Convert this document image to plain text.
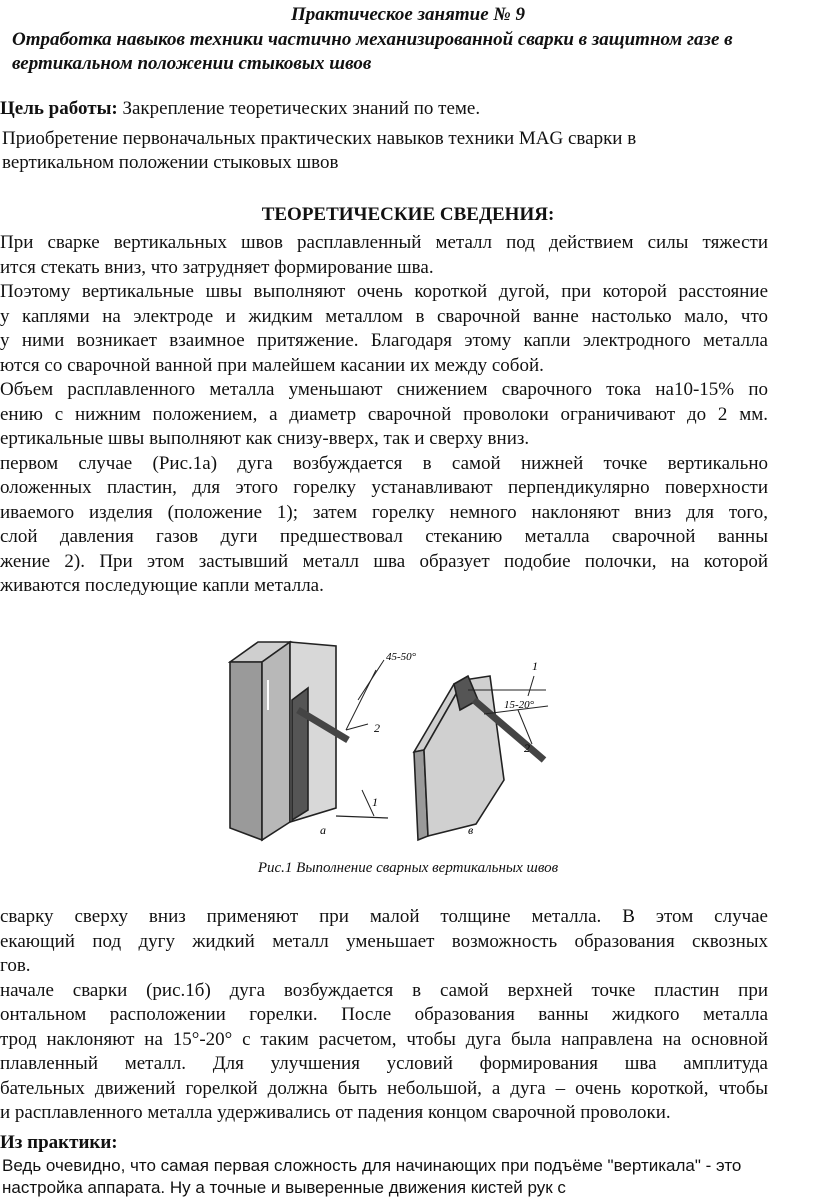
Практическое занятие № 9

Отработка навыков техники частично механизированной сварки в защитном газе в вертикальном положении стыковых швов

Цель работы: Закрепление теоретических знаний по теме.

Приобретение первоначальных практических навыков техники MAG сварки в

вертикальном положении стыковых швов

ТЕОРЕТИЧЕСКИЕ СВЕДЕНИЯ:

При сварке вертикальных швов расплавленный металл под действием силы тяжести

ится стекать вниз, что затрудняет формирование шва.

Поэтому вертикальные швы выполняют очень короткой дугой, при которой расстояние

у каплями на электроде и жидким металлом в сварочной ванне настолько мало, что

у ними возникает взаимное притяжение. Благодаря этому капли электродного металла

ются со сварочной ванной при малейшем касании их между собой.

Объем расплавленного металла уменьшают снижением сварочного тока на10-15% по

ению с нижним положением, а диаметр сварочной проволоки ограничивают до 2 мм.

ертикальные швы выполняют как снизу-вверх, так и сверху вниз.

первом случае (Рис.1а) дуга возбуждается в самой нижней точке вертикально

оложенных пластин, для этого горелку устанавливают перпендикулярно поверхности

иваемого изделия (положение 1); затем горелку немного наклоняют вниз для того,

слой давления газов дуги предшествовал стеканию металла сварочной ванны

жение 2). При этом застывший металл шва образует подобие полочки, на которой

живаются последующие капли металла.

45-50°
2
1
а
1
15-20°
2
в

Рис.1 Выполнение сварных вертикальных швов

сварку сверху вниз применяют при малой толщине металла. В этом случае

екающий под дугу жидкий металл уменьшает возможность образования сквозных

гов.

начале сварки (рис.1б) дуга возбуждается в самой верхней точке пластин при

онтальном расположении горелки. После образования ванны жидкого металла

трод наклоняют на 15°-20° с таким расчетом, чтобы дуга была направлена на основной

плавленный металл. Для улучшения условий формирования шва амплитуда

бательных движений горелкой должна быть небольшой, а дуга – очень короткой, чтобы

и расплавленного металла удерживались от падения концом сварочной проволоки.

Из практики:

Ведь очевидно, что самая первая сложность для начинающих при подъёме "вертикала" - это

настройка аппарата. Ну а точные и выверенные движения кистей рук с
